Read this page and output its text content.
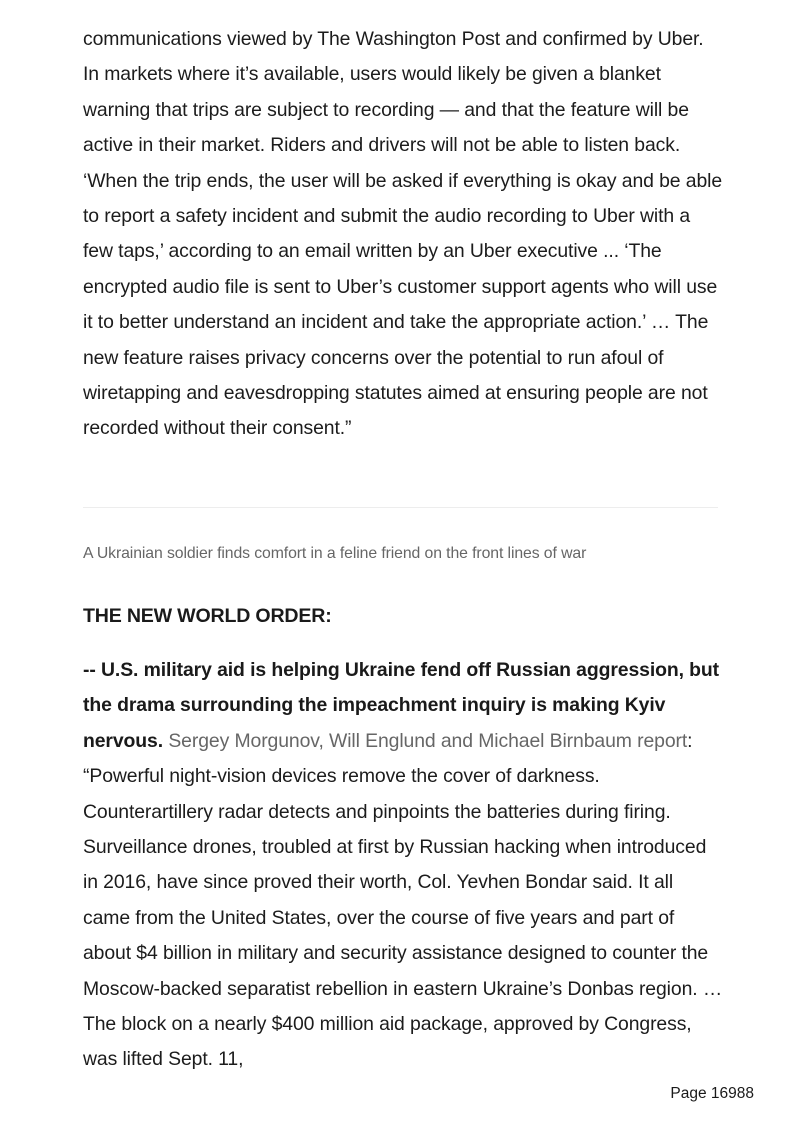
communications viewed by The Washington Post and confirmed by Uber. In markets where it’s available, users would likely be given a blanket warning that trips are subject to recording — and that the feature will be active in their market. Riders and drivers will not be able to listen back. ‘When the trip ends, the user will be asked if everything is okay and be able to report a safety incident and submit the audio recording to Uber with a few taps,’ according to an email written by an Uber executive ... ‘The encrypted audio file is sent to Uber’s customer support agents who will use it to better understand an incident and take the appropriate action.’ … The new feature raises privacy concerns over the potential to run afoul of wiretapping and eavesdropping statutes aimed at ensuring people are not recorded without their consent.”

A Ukrainian soldier finds comfort in a feline friend on the front lines of war

THE NEW WORLD ORDER:

-- U.S. military aid is helping Ukraine fend off Russian aggression, but the drama surrounding the impeachment inquiry is making Kyiv nervous. Sergey Morgunov, Will Englund and Michael Birnbaum report: “Powerful night-vision devices remove the cover of darkness. Counterartillery radar detects and pinpoints the batteries during firing. Surveillance drones, troubled at first by Russian hacking when introduced in 2016, have since proved their worth, Col. Yevhen Bondar said. It all came from the United States, over the course of five years and part of about $4 billion in military and security assistance designed to counter the Moscow-backed separatist rebellion in eastern Ukraine’s Donbas region. … The block on a nearly $400 million aid package, approved by Congress, was lifted Sept. 11,

Page 16988
